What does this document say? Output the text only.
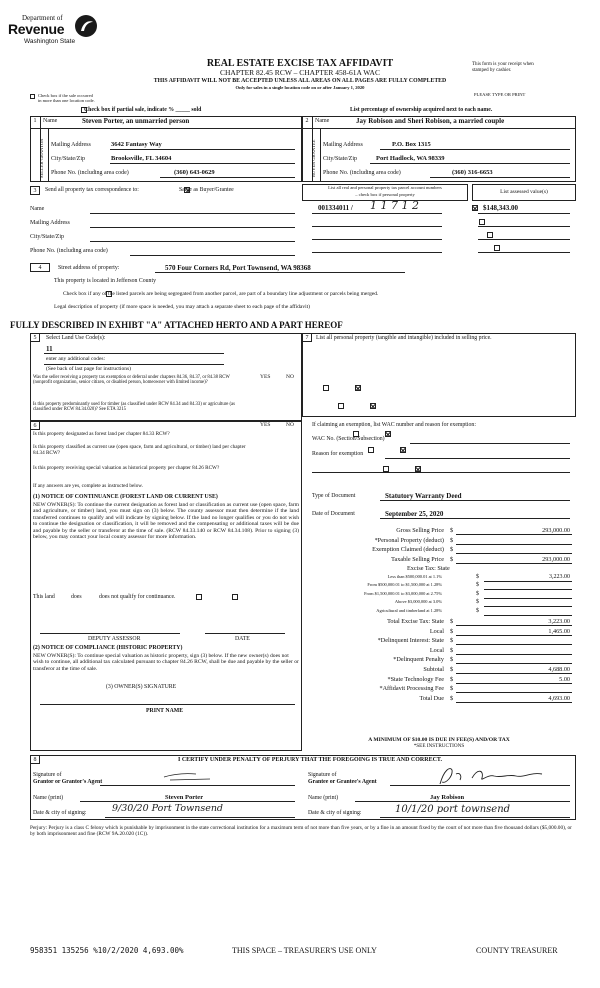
Department of
Revenue
Washington State
REAL ESTATE EXCISE TAX AFFIDAVIT
CHAPTER 82.45 RCW – CHAPTER 458-61A WAC
THIS AFFIDAVIT WILL NOT BE ACCEPTED UNLESS ALL AREAS ON ALL PAGES ARE FULLY COMPLETED
Only for sales in a single location code on or after January 1, 2020
This form is your receipt when
stamped by cashier.
PLEASE TYPE OR PRINT

Check box if the sale occurred
in more than one location code.

Check box if partial sale, indicate % _____ sold	List percentage of ownership acquired next to each name.
1	Name	Steven Porter, an unmarried person
SELLER GRANTOR	Mailing Address	3642 Fantasy Way
City/State/Zip	Brooksville, FL 34604
Phone No. (including area code)	(360) 643-0629
2	Name	Jay Robison and Sheri Robison, a married couple
BUYER GRANTEE	Mailing Address	P.O. Box 1315
City/State/Zip	Port Hadlock, WA 98339
Phone No. (including area code)	(360) 316-6653
3	Send all property tax correspondence to:
	Same as Buyer/Grantee
Name
Mailing Address
City/State/Zip
Phone No. (including area code)
List all real and personal property tax parcel account numbers
– check box if personal property	List assessed value(s)
001334011 / 1 1 7 1 2	$148,343.00

4	Street address of property:	570 Four Corners Rd, Port Townsend, WA 98368
This property is located in Jefferson County

Check box if any of the listed parcels are being segregated from another parcel, are part of a boundary line adjustment or parcels being merged.
Legal description of property (if more space is needed, you may attach a separate sheet to each page of the affidavit)
FULLY DESCRIBED IN EXHIBT "A" ATTACHED HERTO AND A PART HEREOF
5	Select Land Use Code(s):
11
enter any additional codes:
(See back of last page for instructions)
YES	NO
Was the seller receiving a property tax exemption or deferral under chapters 84.36, 84.37, or 84.38 RCW (nonprofit organization, senior citizen, or disabled person, homeowner with limited income)?

Is this property predominantly used for timber (as classified under RCW 84.34 and 84.33) or agriculture (as classified under RCW 84.34.020)? See ETA 3215

6	YES	NO
Is this property designated as forest land per chapter 84.33 RCW?

Is this property classified as current use (open space, farm and agricultural, or timber) land per chapter 84.34 RCW?

Is this property receiving special valuation as historical property per chapter 84.26 RCW?

If any answers are yes, complete as instructed below.
(1) NOTICE OF CONTINUANCE (FOREST LAND OR CURRENT USE)
NEW OWNER(S): To continue the current designation as forest land or classification as current use (open space, farm and agriculture, or timber) land, you must sign on (3) below. The county assessor must then determine if the land transferred continues to qualify and will indicate by signing below. If the land no longer qualifies or you do not wish to continue the designation or classification, it will be removed and the compensating or additional taxes will be due and payable by the seller or transferor at the time of sale. (RCW 84.33.140 or RCW 84.34.108). Prior to signing (3) below, you may contact your local county assessor for more information.
This land
	does	does not qualify for continuance.
DEPUTY ASSESSOR	DATE
(2) NOTICE OF COMPLIANCE (HISTORIC PROPERTY)
NEW OWNER(S): To continue special valuation as historic property, sign (3) below. If the new owner(s) does not wish to continue, all additional tax calculated pursuant to chapter 84.26 RCW, shall be due and payable by the seller or transferor at the time of sale.
(3) OWNER(S) SIGNATURE
PRINT NAME
7	List all personal property (tangible and intangible) included in selling price.
If claiming an exemption, list WAC number and reason for exemption:
WAC No. (Section/Subsection)
Reason for exemption
Type of Document	Statutory Warranty Deed
Date of Document	September 25, 2020
Gross Selling Price $	293,000.00
*Personal Property (deduct) $
Exemption Claimed (deduct) $
Taxable Selling Price $	293,000.00
Excise Tax: State
Less than $500,000.01 at 1.1%	$	3,223.00
From $500,000.01 to $1,500,000 at 1.28%	$
From $1,500,000.01 to $3,000,000 at 2.75%	$
Above $3,000,000 at 3.0%	$
Agricultural and timberland at 1.28%	$
Total Excise Tax: State $	3,223.00
Local $	1,465.00
*Delinquent Interest: State $
Local $
*Delinquent Penalty $
Subtotal $	4,688.00
*State Technology Fee $	5.00
*Affidavit Processing Fee $
Total Due $	4,693.00
A MINIMUM OF $10.00 IS DUE IN FEE(S) AND/OR TAX
*SEE INSTRUCTIONS
8	I CERTIFY UNDER PENALTY OF PERJURY THAT THE FOREGOING IS TRUE AND CORRECT.
Signature of
Grantor or Grantor's Agent
Steven Porter
Signature of
Grantee or Grantee's Agent
Jay Robison
Name (print)	Steven Porter	Name (print)	Jay Robison
Date & city of signing:	9/30/20 Port Townsend	Date & city of signing:	10/1/20 port townsend
Perjury: Perjury is a class C felony which is punishable by imprisonment in the state correctional institution for a maximum term of not more than five years, or by a fine in an amount fixed by the court of not more than five thousand dollars ($5,000.00), or by both imprisonment and fine (RCW 9A.20.020 (1C)).
958351 135256 %10/2/2020 4,693.00%	THIS SPACE – TREASURER'S USE ONLY	COUNTY TREASURER
